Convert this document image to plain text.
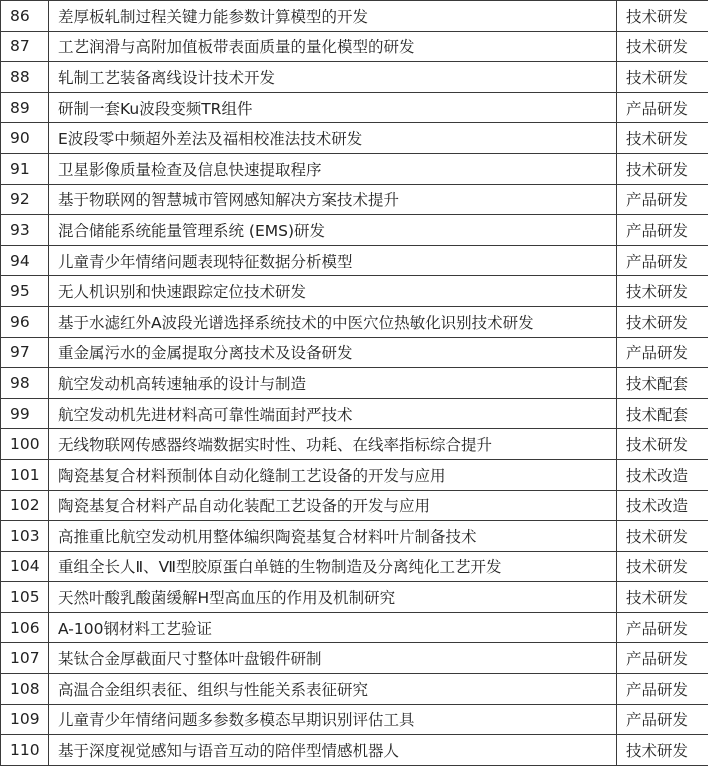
86	差厚板轧制过程关键力能参数计算模型的开发	技术研发
87	工艺润滑与高附加值板带表面质量的量化模型的研发	技术研发
88	轧制工艺装备离线设计技术开发	技术研发
89	研制一套Ku波段变频TR组件	产品研发
90	E波段零中频超外差法及福相校准法技术研发	技术研发
91	卫星影像质量检查及信息快速提取程序	技术研发
92	基于物联网的智慧城市管网感知解决方案技术提升	产品研发
93	混合储能系统能量管理系统 (EMS)研发	产品研发
94	儿童青少年情绪问题表现特征数据分析模型	产品研发
95	无人机识别和快速跟踪定位技术研发	技术研发
96	基于水滤红外A波段光谱选择系统技术的中医穴位热敏化识别技术研发	技术研发
97	重金属污水的金属提取分离技术及设备研发	产品研发
98	航空发动机高转速轴承的设计与制造	技术配套
99	航空发动机先进材料高可靠性端面封严技术	技术配套
100	无线物联网传感器终端数据实时性、功耗、在线率指标综合提升	技术研发
101	陶瓷基复合材料预制体自动化缝制工艺设备的开发与应用	技术改造
102	陶瓷基复合材料产品自动化装配工艺设备的开发与应用	技术改造
103	高推重比航空发动机用整体编织陶瓷基复合材料叶片制备技术	技术研发
104	重组全长人Ⅱ、Ⅶ型胶原蛋白单链的生物制造及分离纯化工艺开发	技术研发
105	天然叶酸乳酸菌缓解H型高血压的作用及机制研究	技术研发
106	A-100钢材料工艺验证	产品研发
107	某钛合金厚截面尺寸整体叶盘锻件研制	产品研发
108	高温合金组织表征、组织与性能关系表征研究	产品研发
109	儿童青少年情绪问题多参数多模态早期识别评估工具	产品研发
110	基于深度视觉感知与语音互动的陪伴型情感机器人	技术研发
